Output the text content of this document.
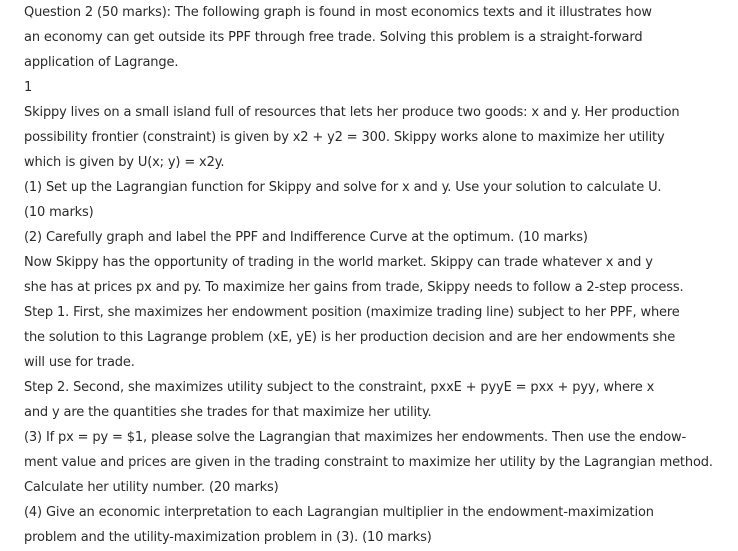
Question 2 (50 marks): The following graph is found in most economics texts and it illustrates how
an economy can get outside its PPF through free trade. Solving this problem is a straight-forward
application of Lagrange.
1
Skippy lives on a small island full of resources that lets her produce two goods: x and y. Her production
possibility frontier (constraint) is given by x2 + y2 = 300. Skippy works alone to maximize her utility
which is given by U(x; y) = x2y.
(1) Set up the Lagrangian function for Skippy and solve for x and y. Use your solution to calculate U.
(10 marks)
(2) Carefully graph and label the PPF and Indifference Curve at the optimum. (10 marks)
Now Skippy has the opportunity of trading in the world market. Skippy can trade whatever x and y
she has at prices px and py. To maximize her gains from trade, Skippy needs to follow a 2-step process.
Step 1. First, she maximizes her endowment position (maximize trading line) subject to her PPF, where
the solution to this Lagrange problem (xE, yE) is her production decision and are her endowments she
will use for trade.
Step 2. Second, she maximizes utility subject to the constraint, pxxE + pyyE = pxx + pyy, where x
and y are the quantities she trades for that maximize her utility.
(3) If px = py = $1, please solve the Lagrangian that maximizes her endowments. Then use the endow-
ment value and prices are given in the trading constraint to maximize her utility by the Lagrangian method.
Calculate her utility number. (20 marks)
(4) Give an economic interpretation to each Lagrangian multiplier in the endowment-maximization
problem and the utility-maximization problem in (3). (10 marks)
